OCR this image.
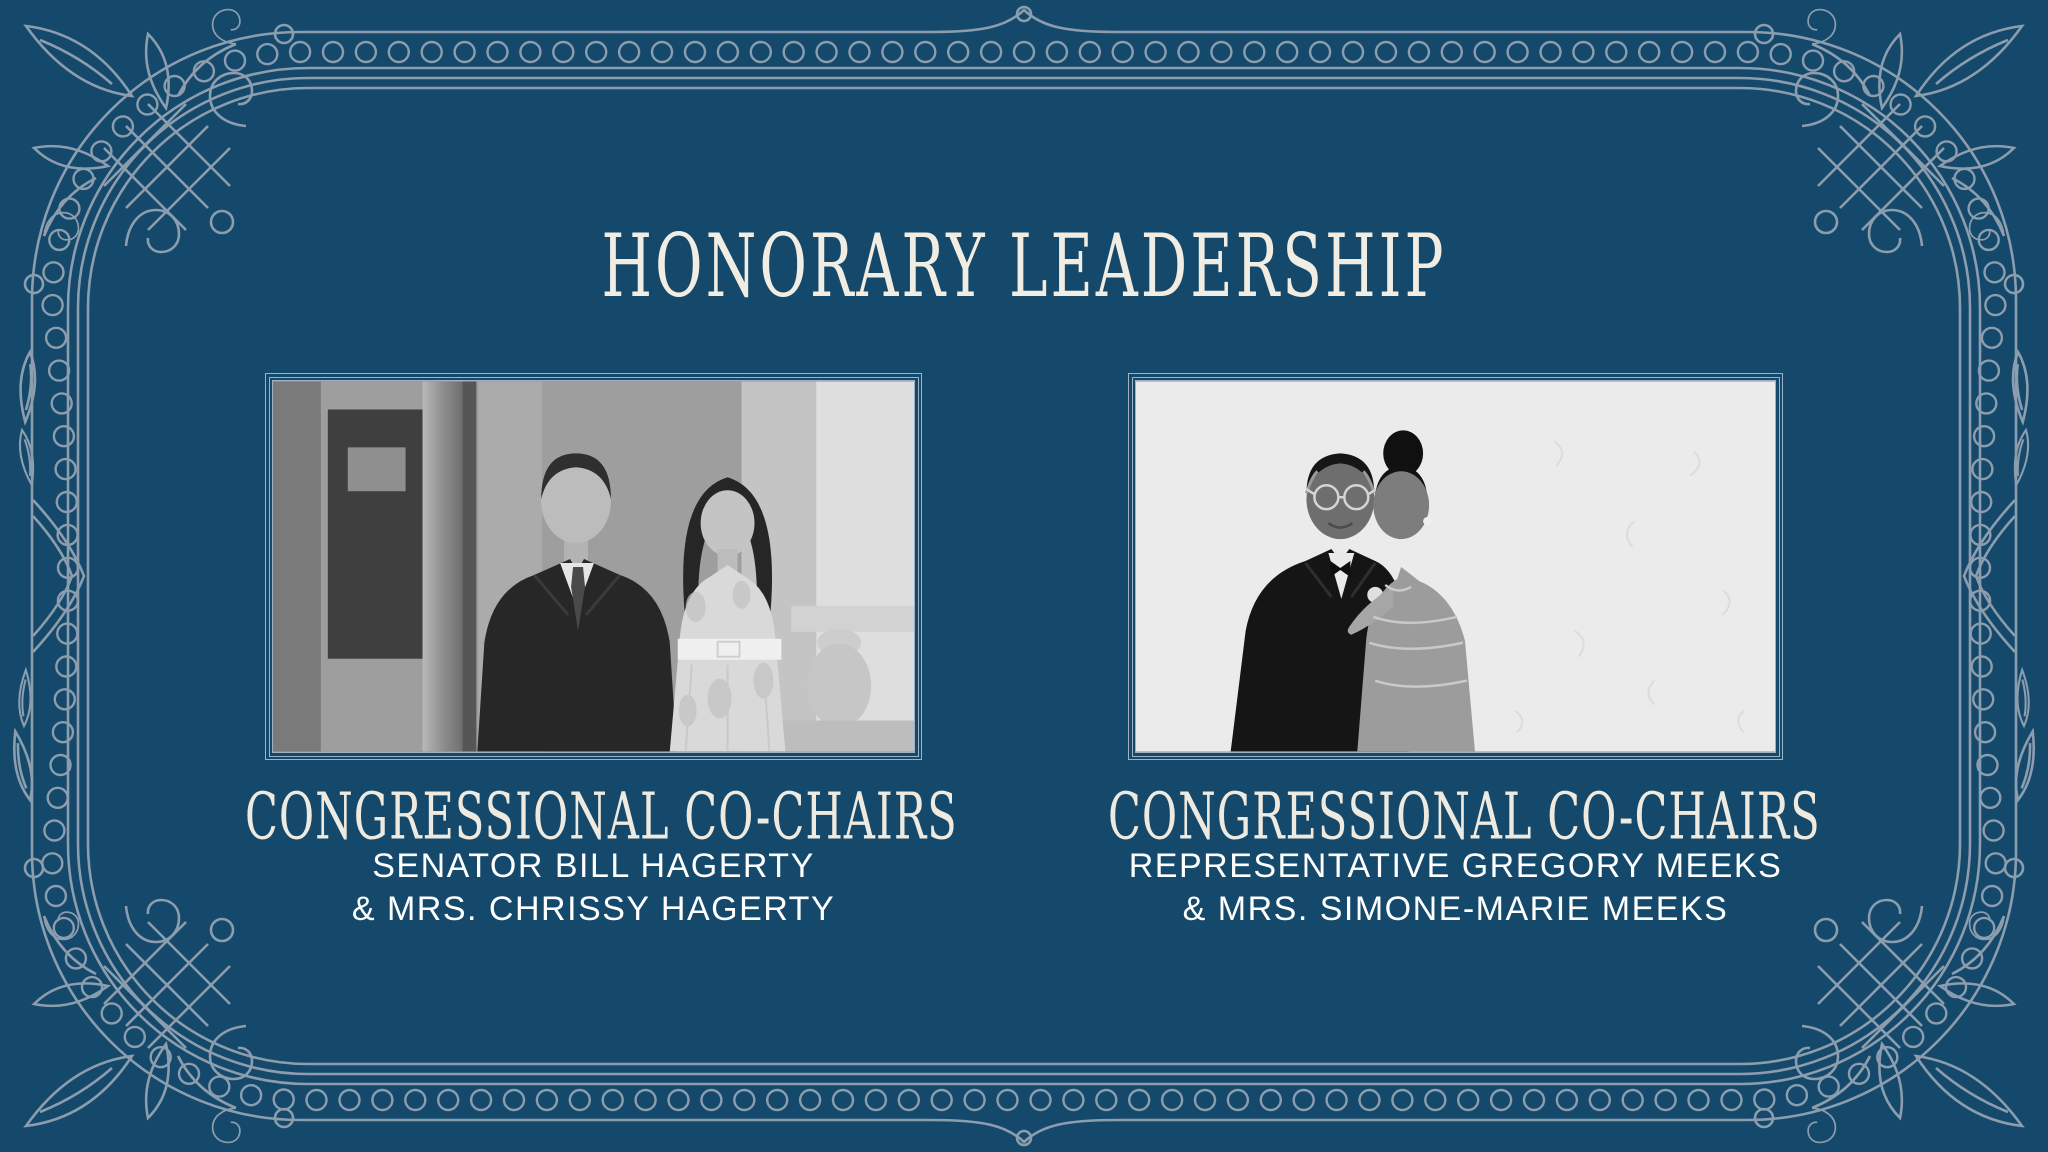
HONORARY LEADERSHIP
CONGRESSIONAL CO-CHAIRS
SENATOR BILL HAGERTY
& MRS. CHRISSY HAGERTY
CONGRESSIONAL CO-CHAIRS
REPRESENTATIVE GREGORY MEEKS
& MRS. SIMONE-MARIE MEEKS
